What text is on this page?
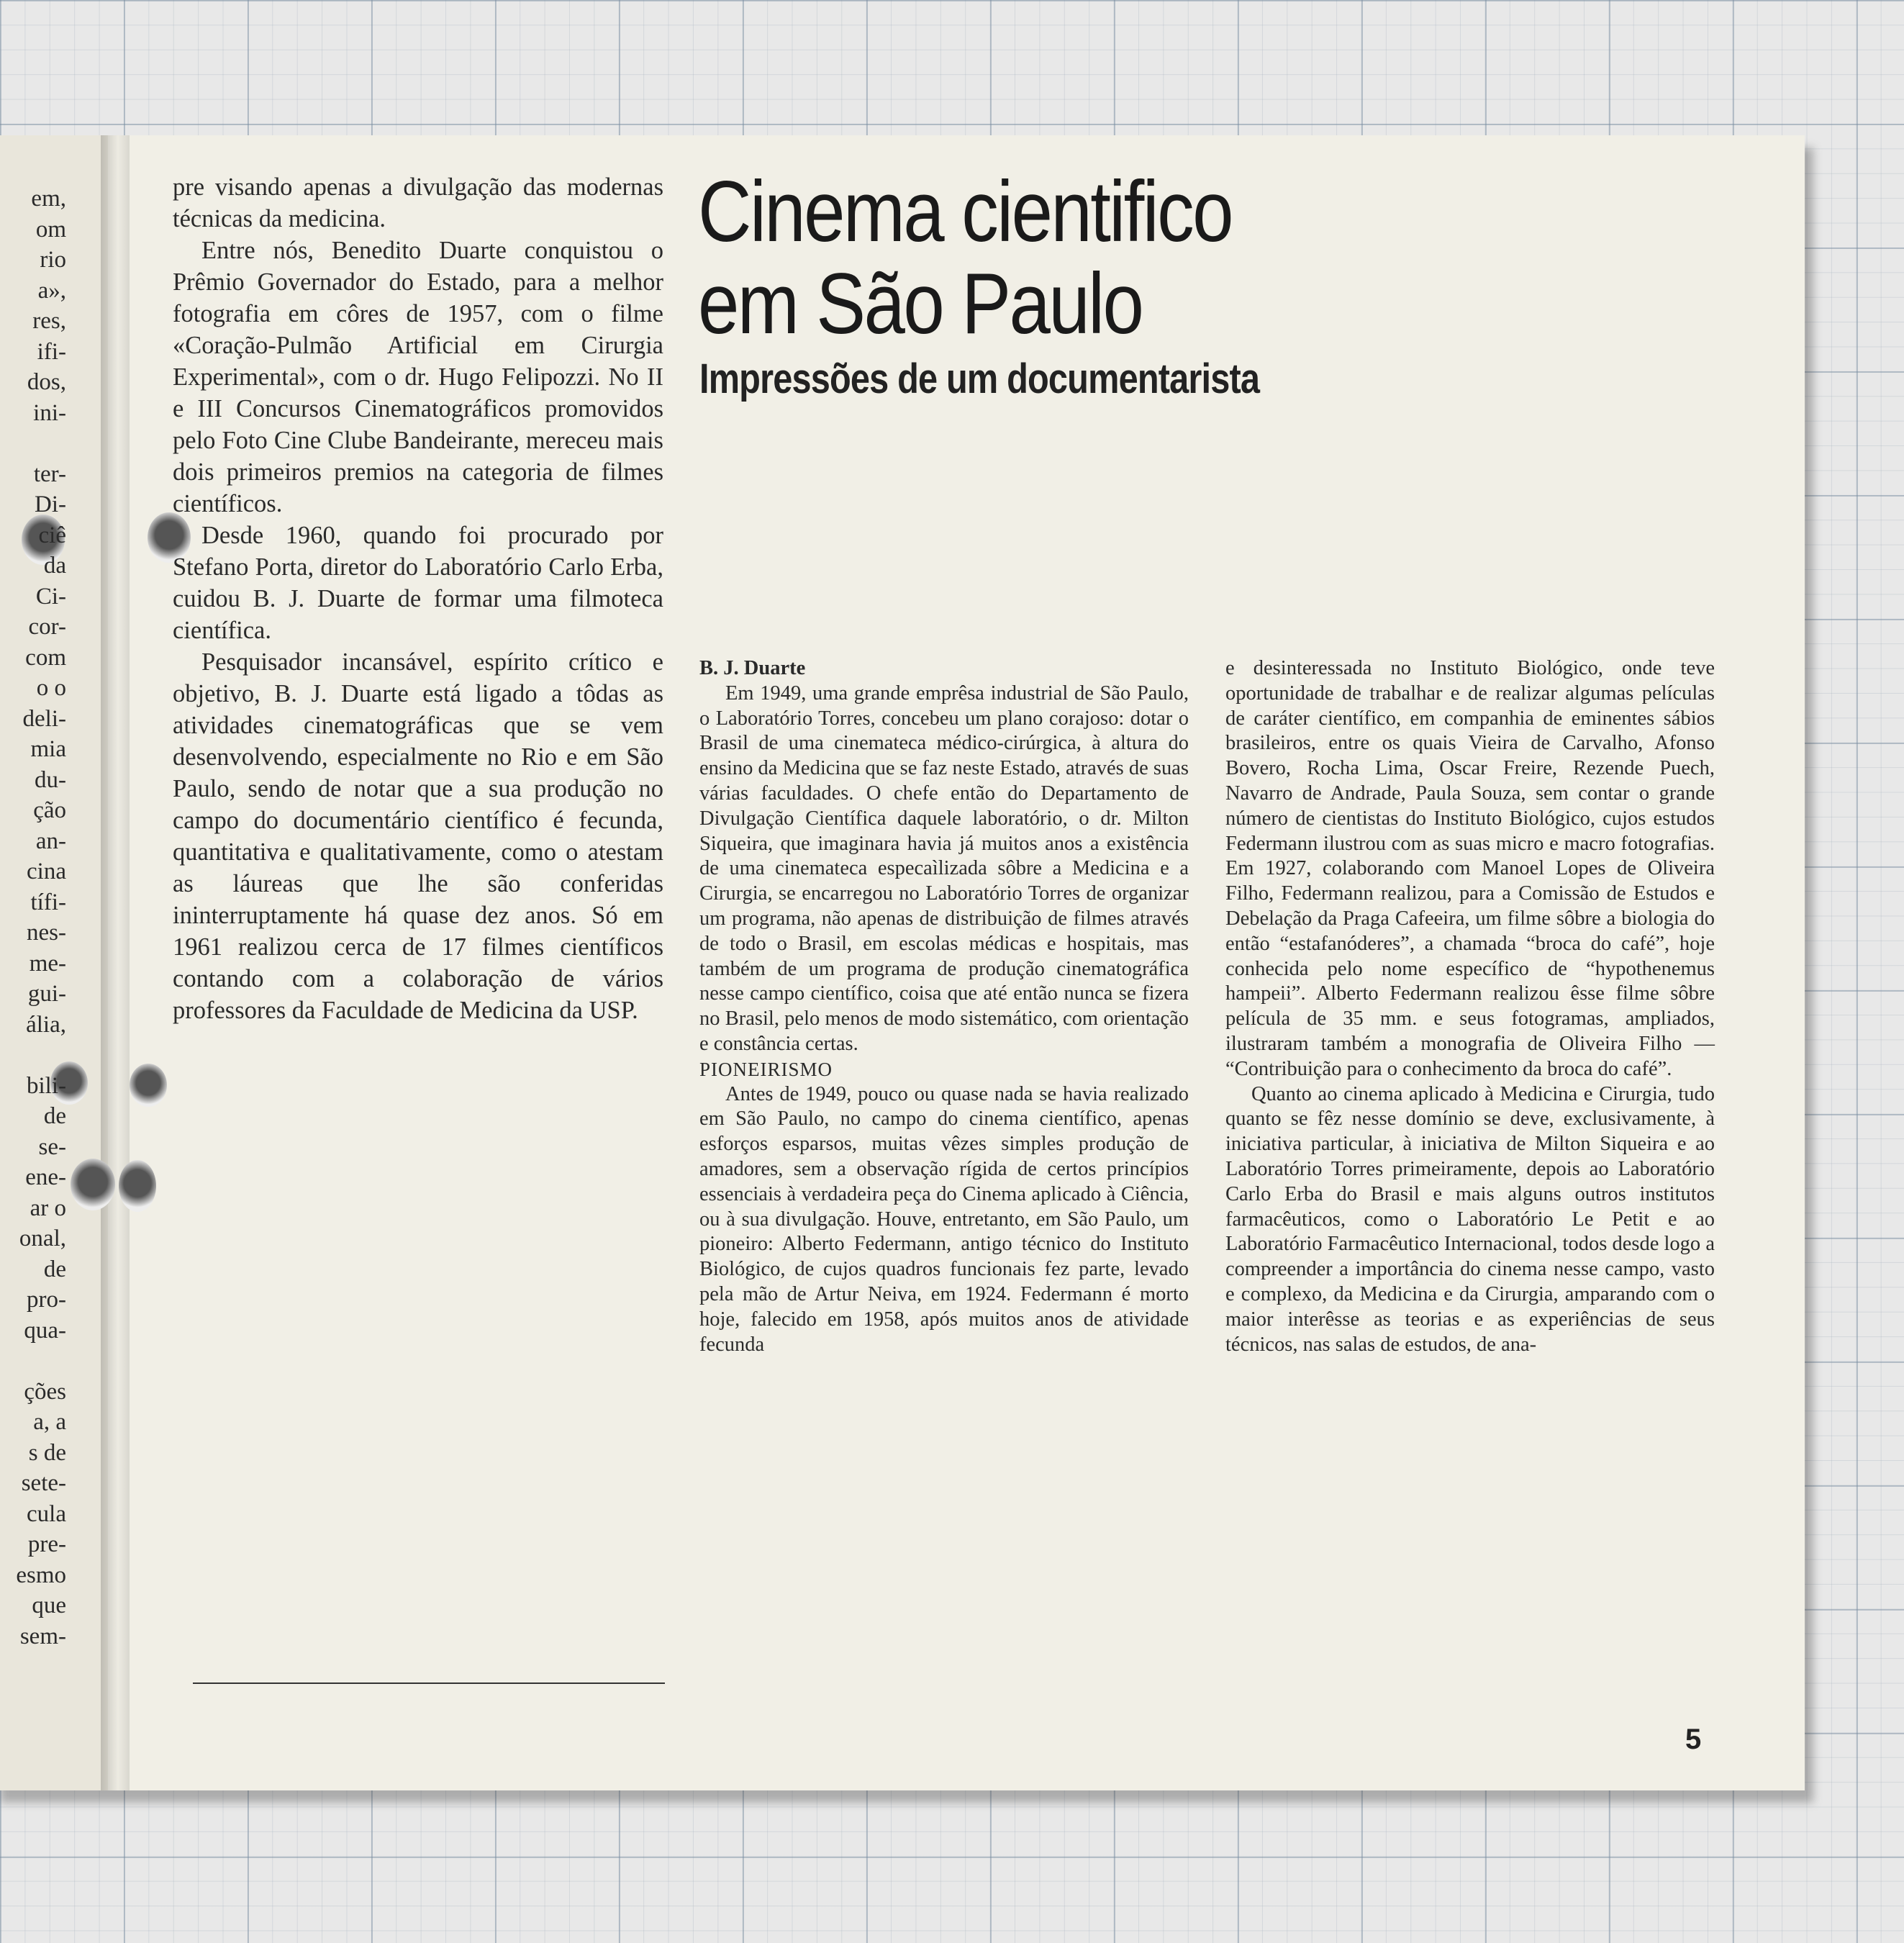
em,
om
rio
a»,
res,
ifi-
dos,
ini-
ter-
Di-
ciê
da
Ci-
cor-
com
o o
deli-
mia
du-
ção
an-
cina
tífi-
nes-
me-
gui-
ália,
bili-
de
se-
ene-
ar o
onal,
de
pro-
qua-
ções
a, a
s de
sete-
cula
pre-
esmo
que
sem-

pre visando apenas a divulgação das modernas técnicas da medicina.

Entre nós, Benedito Duarte conquistou o Prêmio Governador do Estado, para a melhor fotografia em côres de 1957, com o filme «Coração-Pulmão Artificial em Cirurgia Experimental», com o dr. Hugo Felipozzi. No II e III Concursos Cinematográficos promovidos pelo Foto Cine Clube Bandeirante, mereceu mais dois primeiros premios na categoria de filmes científicos.

Desde 1960, quando foi procurado por Stefano Porta, diretor do Laboratório Carlo Erba, cuidou B. J. Duarte de formar uma filmoteca científica.

Pesquisador incansável, espírito crítico e objetivo, B. J. Duarte está ligado a tôdas as atividades cinematográficas que se vem desenvolvendo, especialmente no Rio e em São Paulo, sendo de notar que a sua produção no campo do documentário científico é fecunda, quantitativa e qualitativamente, como o atestam as láureas que lhe são conferidas ininterruptamente há quase dez anos. Só em 1961 realizou cerca de 17 filmes científicos contando com a colaboração de vários professores da Faculdade de Medicina da USP.

Cinema cientifico em São Paulo
Impressões de um documentarista

B. J. Duarte

Em 1949, uma grande emprêsa industrial de São Paulo, o Laboratório Torres, concebeu um plano corajoso: dotar o Brasil de uma cinemateca médico-cirúrgica, à altura do ensino da Medicina que se faz neste Estado, através de suas várias faculdades. O chefe então do Departamento de Divulgação Científica daquele laboratório, o dr. Milton Siqueira, que imaginara havia já muitos anos a existência de uma cinemateca especaìlizada sôbre a Medicina e a Cirurgia, se encarregou no Laboratório Torres de organizar um programa, não apenas de distribuição de filmes através de todo o Brasil, em escolas médicas e hospitais, mas também de um programa de produção cinematográfica nesse campo científico, coisa que até então nunca se fizera no Brasil, pelo menos de modo sistemático, com orientação e constância certas.

PIONEIRISMO

Antes de 1949, pouco ou quase nada se havia realizado em São Paulo, no campo do cinema científico, apenas esforços esparsos, muitas vêzes simples produção de amadores, sem a observação rígida de certos princípios essenciais à verdadeira peça do Cinema aplicado à Ciência, ou à sua divulgação. Houve, entretanto, em São Paulo, um pioneiro: Alberto Federmann, antigo técnico do Instituto Biológico, de cujos quadros funcionais fez parte, levado pela mão de Artur Neiva, em 1924. Federmann é morto hoje, falecido em 1958, após muitos anos de atividade fecunda

e desinteressada no Instituto Biológico, onde teve oportunidade de trabalhar e de realizar algumas películas de caráter científico, em companhia de eminentes sábios brasileiros, entre os quais Vieira de Carvalho, Afonso Bovero, Rocha Lima, Oscar Freire, Rezende Puech, Navarro de Andrade, Paula Souza, sem contar o grande número de cientistas do Instituto Biológico, cujos estudos Federmann ilustrou com as suas micro e macro fotografias. Em 1927, colaborando com Manoel Lopes de Oliveira Filho, Federmann realizou, para a Comissão de Estudos e Debelação da Praga Cafeeira, um filme sôbre a biologia do então “estafanóderes”, a chamada “broca do café”, hoje conhecida pelo nome específico de “hypothenemus hampeii”. Alberto Federmann realizou êsse filme sôbre película de 35 mm. e seus fotogramas, ampliados, ilustraram também a monografia de Oliveira Filho — “Contribuição para o conhecimento da broca do café”.

Quanto ao cinema aplicado à Medicina e Cirurgia, tudo quanto se fêz nesse domínio se deve, exclusivamente, à iniciativa particular, à iniciativa de Milton Siqueira e ao Laboratório Torres primeiramente, depois ao Laboratório Carlo Erba do Brasil e mais alguns outros institutos farmacêuticos, como o Laboratório Le Petit e ao Laboratório Farmacêutico Internacional, todos desde logo a compreender a importância do cinema nesse campo, vasto e complexo, da Medicina e da Cirurgia, amparando com o maior interêsse as teorias e as experiências de seus técnicos, nas salas de estudos, de ana-

5
